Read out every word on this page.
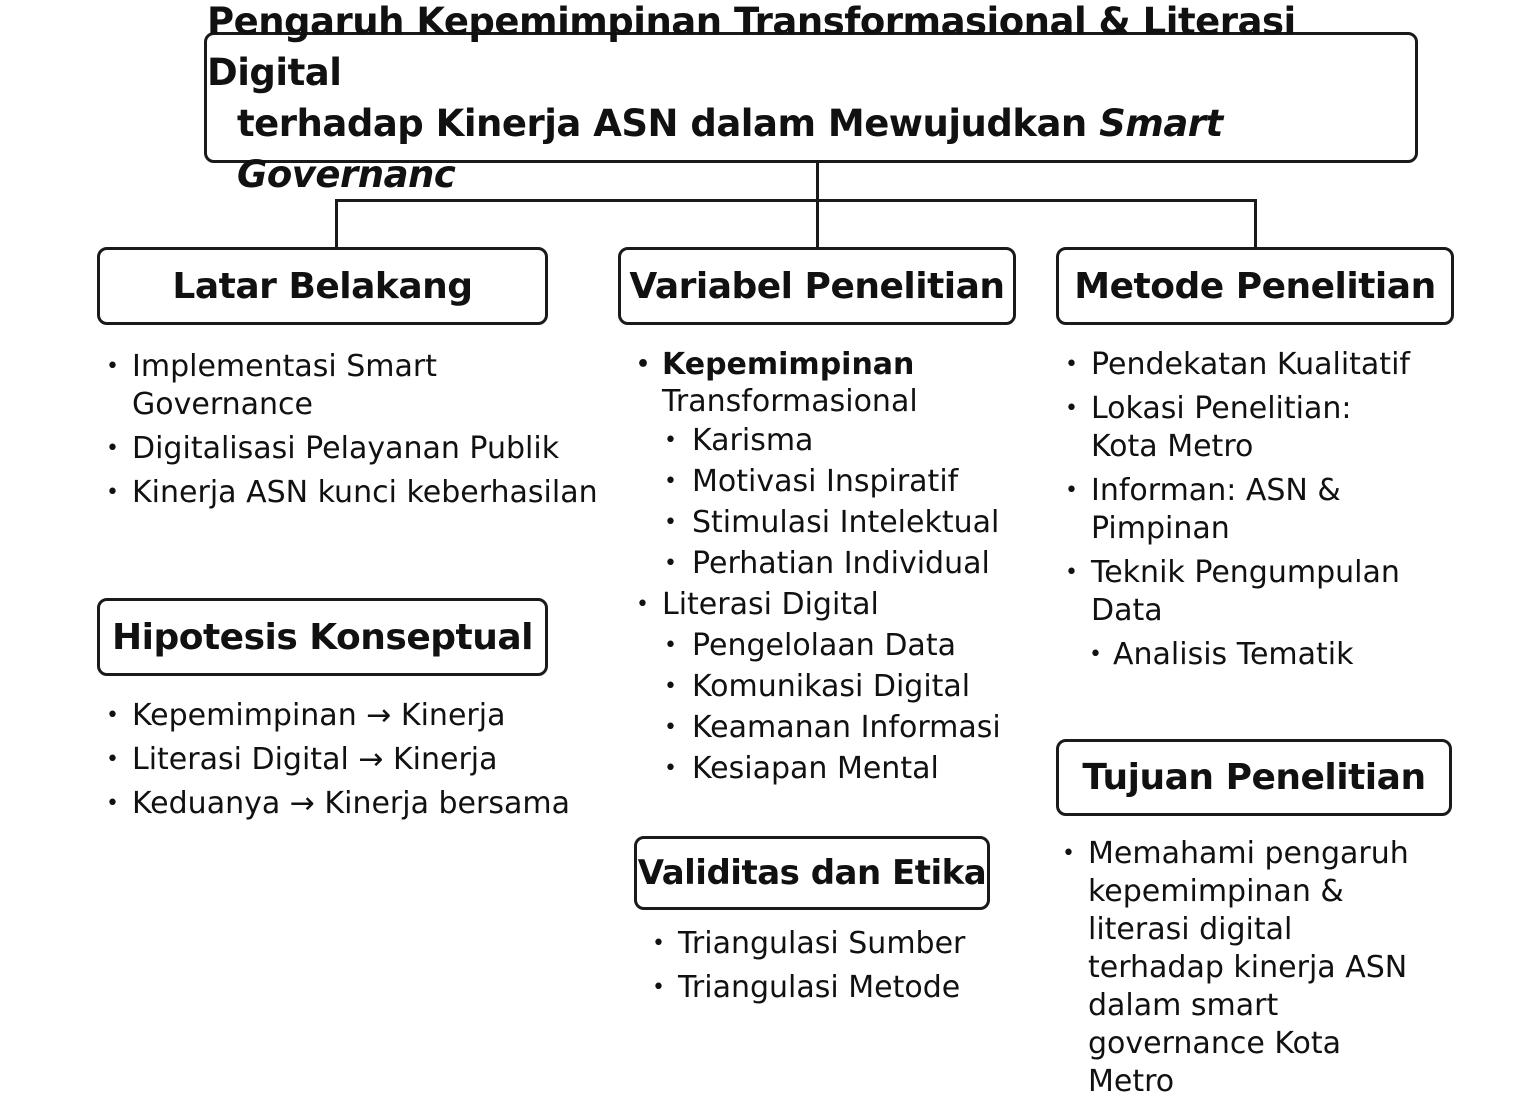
Pengaruh Kepemimpinan Transformasional & Literasi Digital
terhadap Kinerja ASN dalam Mewujudkan Smart Governanc
Latar Belakang
• Implementasi Smart Governance
• Digitalisasi Pelayanan Publik
• Kinerja ASN kunci keberhasilan
Hipotesis Konseptual
• Kepemimpinan → Kinerja
• Literasi Digital → Kinerja
• Keduanya → Kinerja bersama
Variabel Penelitian
• Kepemimpinan
Transformasional
• Karisma
• Motivasi Inspiratif
• Stimulasi Intelektual
• Perhatian Individual
• Literasi Digital
• Pengelolaan Data
• Komunikasi Digital
• Keamanan Informasi
• Kesiapan Mental
Validitas dan Etika
• Triangulasi Sumber
• Triangulasi Metode
Metode Penelitian
• Pendekatan Kualitatif
• Lokasi Penelitian: Kota Metro
• Informan: ASN & Pimpinan
• Teknik Pengumpulan Data
• Analisis Tematik
Tujuan Penelitian
• Memahami pengaruh kepemimpinan & literasi digital terhadap kinerja ASN dalam smart governance Kota Metro
